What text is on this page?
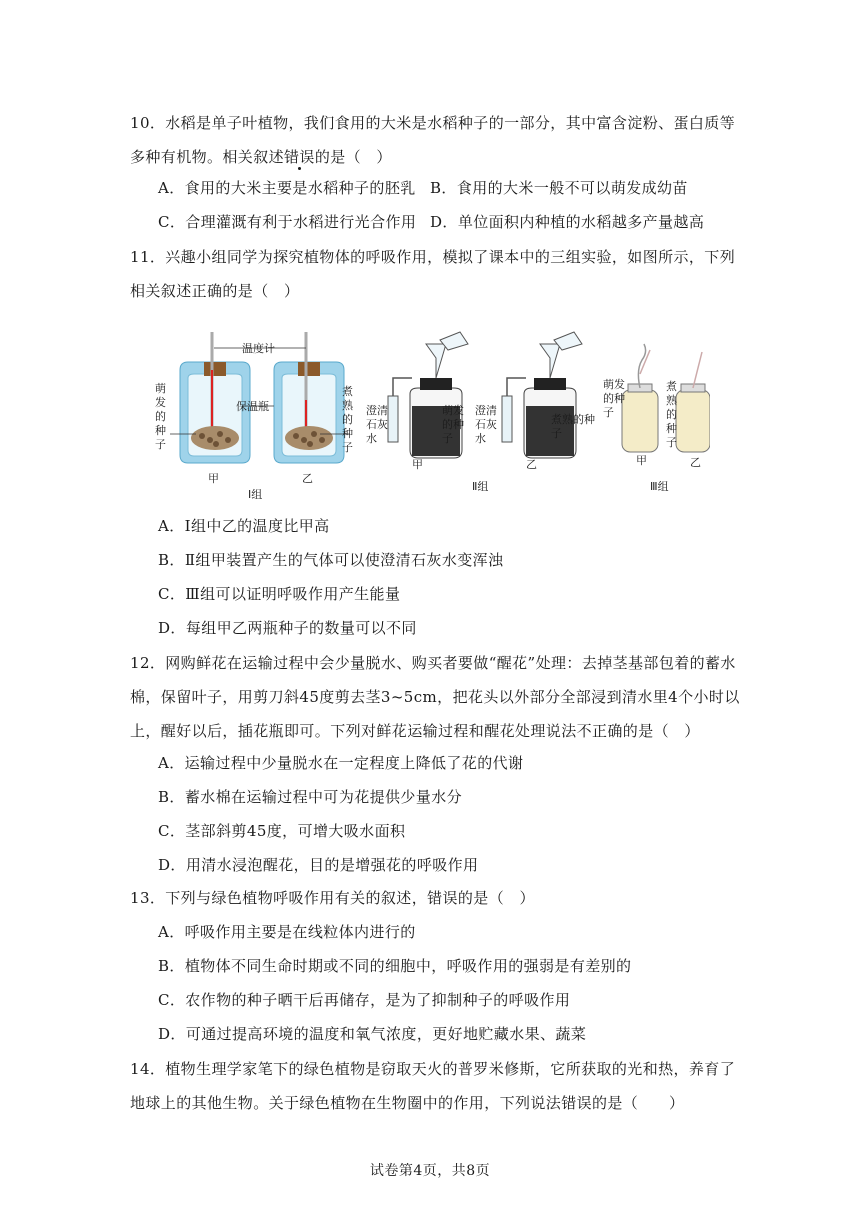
10．水稻是单子叶植物，我们食用的大米是水稻种子的一部分，其中富含淀粉、蛋白质等多种有机物。相关叙述错误的是（　）
A．食用的大米主要是水稻种子的胚乳 B．食用的大米一般不可以萌发成幼苗
C．合理灌溉有利于水稻进行光合作用 D．单位面积内种植的水稻越多产量越高
11．兴趣小组同学为探究植物体的呼吸作用，模拟了课本中的三组实验，如图所示，下列相关叙述正确的是（　）
温度计
保温瓶
甲	乙
Ⅰ组
甲	乙
Ⅱ组
甲	乙
Ⅲ组
萌发的种子
煮熟的种子
澄清石灰水
萌发的种子
澄清石灰水
煮熟的种子
萌发的种子
煮熟的种子
A．Ⅰ组中乙的温度比甲高
B．Ⅱ组甲装置产生的气体可以使澄清石灰水变浑浊
C．Ⅲ组可以证明呼吸作用产生能量
D．每组甲乙两瓶种子的数量可以不同
12．网购鲜花在运输过程中会少量脱水、购买者要做“醒花”处理：去掉茎基部包着的蓄水棉，保留叶子，用剪刀斜45度剪去茎3~5cm，把花头以外部分全部浸到清水里4个小时以上，醒好以后，插花瓶即可。下列对鲜花运输过程和醒花处理说法不正确的是（　）
A．运输过程中少量脱水在一定程度上降低了花的代谢
B．蓄水棉在运输过程中可为花提供少量水分
C．茎部斜剪45度，可增大吸水面积
D．用清水浸泡醒花，目的是增强花的呼吸作用
13．下列与绿色植物呼吸作用有关的叙述，错误的是（　）
A．呼吸作用主要是在线粒体内进行的
B．植物体不同生命时期或不同的细胞中，呼吸作用的强弱是有差别的
C．农作物的种子晒干后再储存，是为了抑制种子的呼吸作用
D．可通过提高环境的温度和氧气浓度，更好地贮藏水果、蔬菜
14．植物生理学家笔下的绿色植物是窃取天火的普罗米修斯，它所获取的光和热，养育了地球上的其他生物。关于绿色植物在生物圈中的作用，下列说法错误的是（　　）
试卷第4页，共8页
